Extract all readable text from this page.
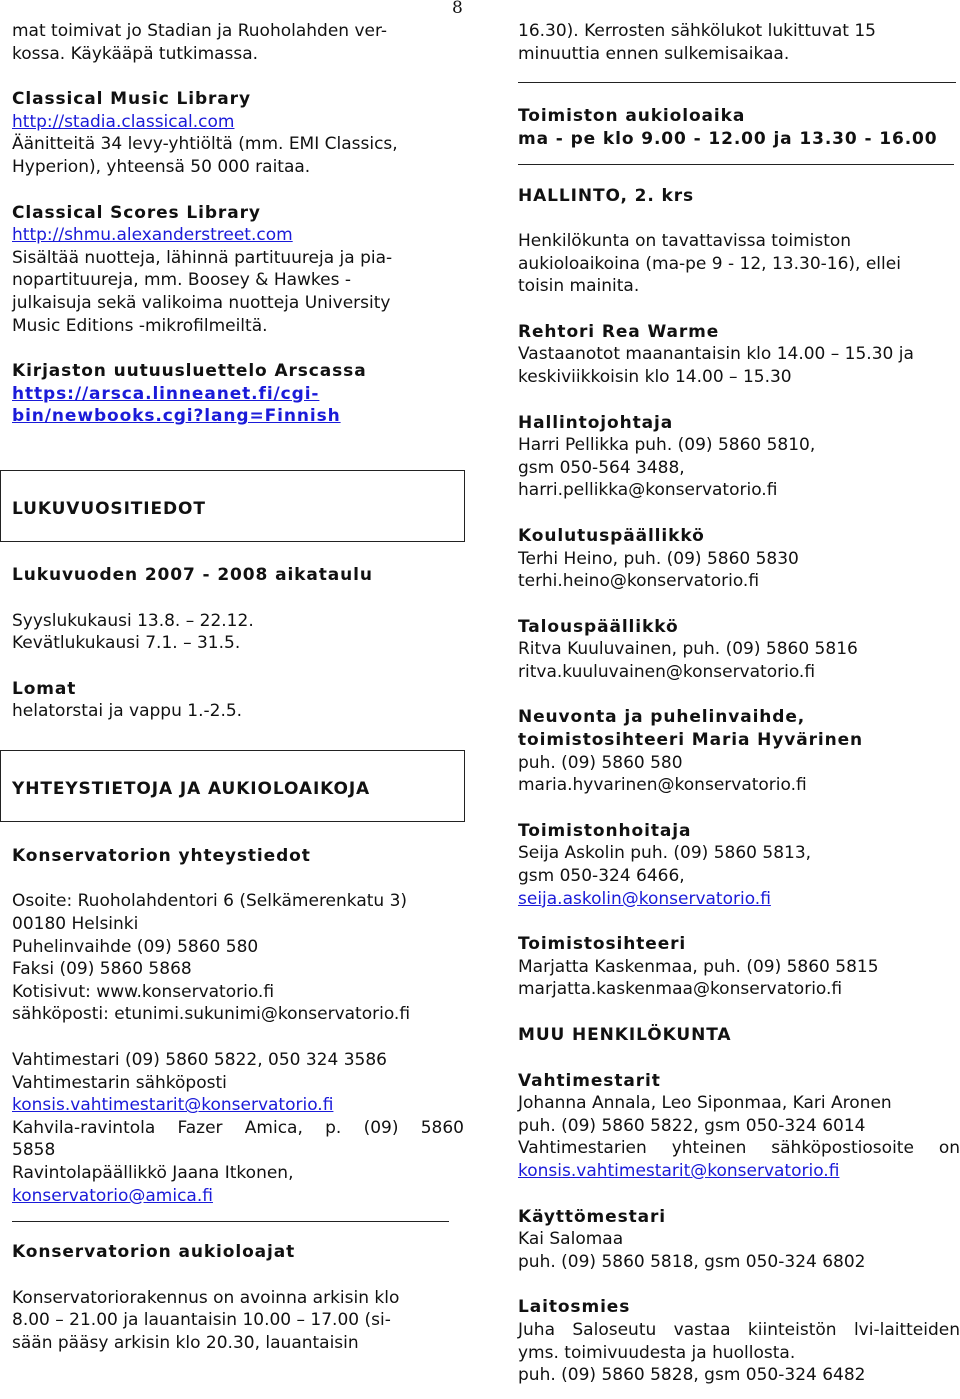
8

mat toimivat jo Stadian ja Ruoholahden ver-

kossa. Käykääpä tutkimassa.

Classical Music Library

http://stadia.classical.com

Äänitteitä 34 levy-yhtiöltä (mm. EMI Classics,

Hyperion), yhteensä 50 000 raitaa.

Classical Scores Library

http://shmu.alexanderstreet.com

Sisältää nuotteja, lähinnä partituureja ja pia-

nopartituureja, mm. Boosey & Hawkes -

julkaisuja sekä valikoima nuotteja University

Music Editions -mikrofilmeiltä.

Kirjaston uutuusluettelo Arscassa

https://arsca.linneanet.fi/cgi-

bin/newbooks.cgi?lang=Finnish

LUKUVUOSITIEDOT

Lukuvuoden 2007 - 2008 aikataulu

Syyslukukausi 13.8. – 22.12.

Kevätlukukausi 7.1. – 31.5.

Lomat

helatorstai ja vappu 1.-2.5.

YHTEYSTIETOJA JA AUKIOLOAIKOJA

Konservatorion yhteystiedot

Osoite: Ruoholahdentori 6 (Selkämerenkatu 3)

00180 Helsinki

Puhelinvaihde (09) 5860 580

Faksi (09) 5860 5868

Kotisivut: www.konservatorio.fi

sähköposti: etunimi.sukunimi@konservatorio.fi

Vahtimestari (09) 5860 5822, 050 324 3586

Vahtimestarin sähköposti

konsis.vahtimestarit@konservatorio.fi

Kahvila-ravintola Fazer Amica, p. (09) 5860

5858

Ravintolapäällikkö Jaana Itkonen,

konservatorio@amica.fi

Konservatorion aukioloajat

Konservatoriorakennus on avoinna arkisin klo

8.00 – 21.00 ja lauantaisin 10.00 – 17.00 (si-

sään pääsy arkisin klo 20.30, lauantaisin

16.30). Kerrosten sähkölukot lukittuvat 15

minuuttia ennen sulkemisaikaa.

Toimiston aukioloaika

ma - pe klo 9.00 - 12.00 ja 13.30 - 16.00

HALLINTO, 2. krs

Henkilökunta on tavattavissa toimiston

aukioloaikoina (ma-pe 9 - 12, 13.30-16), ellei

toisin mainita.

Rehtori Rea Warme

Vastaanotot maanantaisin klo 14.00 – 15.30 ja

keskiviikkoisin klo 14.00 – 15.30

Hallintojohtaja

Harri Pellikka puh. (09) 5860 5810,

gsm 050-564 3488,

harri.pellikka@konservatorio.fi

Koulutuspäällikkö

Terhi Heino, puh. (09) 5860 5830

terhi.heino@konservatorio.fi

Talouspäällikkö

Ritva Kuuluvainen, puh. (09) 5860 5816

ritva.kuuluvainen@konservatorio.fi

Neuvonta ja puhelinvaihde,

toimistosihteeri Maria Hyvärinen

puh. (09) 5860 580

maria.hyvarinen@konservatorio.fi

Toimistonhoitaja

Seija Askolin puh. (09) 5860 5813,

gsm 050-324 6466,

seija.askolin@konservatorio.fi

Toimistosihteeri

Marjatta Kaskenmaa, puh. (09) 5860 5815

marjatta.kaskenmaa@konservatorio.fi

MUU HENKILÖKUNTA

Vahtimestarit

Johanna Annala, Leo Siponmaa, Kari Aronen

puh. (09) 5860 5822, gsm 050-324 6014

Vahtimestarien yhteinen sähköpostiosoite on

konsis.vahtimestarit@konservatorio.fi

Käyttömestari

Kai Salomaa

puh. (09) 5860 5818, gsm 050-324 6802

Laitosmies

Juha Saloseutu vastaa kiinteistön lvi-laitteiden

yms. toimivuudesta ja huollosta.

puh. (09) 5860 5828, gsm 050-324 6482
